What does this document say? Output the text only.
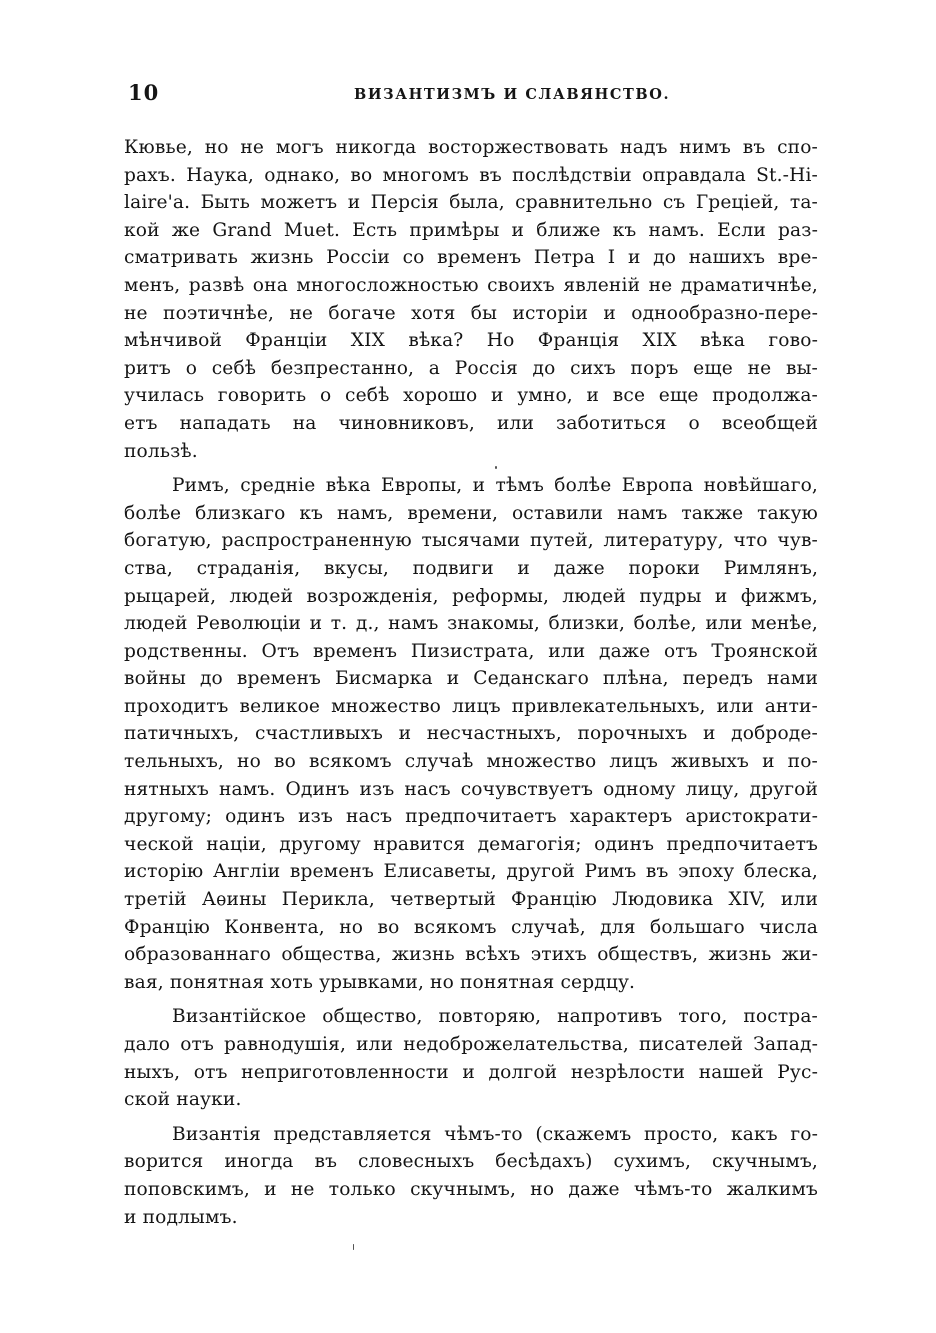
10	ВИЗАНТИЗМЪ И СЛАВЯНСТВО.
Кювье, но не могъ никогда восторжествовать надъ нимъ въ спо-
рахъ. Наука, однако, во многомъ въ послѣдствіи оправдала St.-Hi-
laire'а. Быть можетъ и Персія была, сравнительно съ Греціей, та-
кой же Grand Muet. Есть примѣры и ближе къ намъ. Если раз-
сматривать жизнь Россіи со временъ Петра I и до нашихъ вре-
менъ, развѣ она многосложностью своихъ явленій не драматичнѣе,
не поэтичнѣе, не богаче хотя бы исторіи и однообразно-пере-
мѣнчивой Франціи XIX вѣка? Но Франція XIX вѣка гово-
ритъ о себѣ безпрестанно, а Россія до сихъ поръ еще не вы-
училась говорить о себѣ хорошо и умно, и все еще продолжа-
етъ нападать на чиновниковъ, или заботиться о всеобщей
пользѣ.
Римъ, средніе вѣка Европы, и тѣмъ болѣе Европа новѣйшаго,
болѣе близкаго къ намъ, времени, оставили намъ также такую
богатую, распространенную тысячами путей, литературу, что чув-
ства, страданія, вкусы, подвиги и даже пороки Римлянъ,
рыцарей, людей возрожденія, реформы, людей пудры и фижмъ,
людей Революціи и т. д., намъ знакомы, близки, болѣе, или менѣе,
родственны. Отъ временъ Пизистрата, или даже отъ Троянской
войны до временъ Бисмарка и Седанскаго плѣна, передъ нами
проходитъ великое множество лицъ привлекательныхъ, или анти-
патичныхъ, счастливыхъ и несчастныхъ, порочныхъ и доброде-
тельныхъ, но во всякомъ случаѣ множество лицъ живыхъ и по-
нятныхъ намъ. Одинъ изъ насъ сочувствуетъ одному лицу, другой
другому; одинъ изъ насъ предпочитаетъ характеръ аристократи-
ческой націи, другому нравится демагогія; одинъ предпочитаетъ
исторію Англіи временъ Елисаветы, другой Римъ въ эпоху блеска,
третій Аѳины Перикла, четвертый Францію Людовика XIV, или
Францію Конвента, но во всякомъ случаѣ, для большаго числа
образованнаго общества, жизнь всѣхъ этихъ обществъ, жизнь жи-
вая, понятная хоть урывками, но понятная сердцу.
Византійское общество, повторяю, напротивъ того, постра-
дало отъ равнодушія, или недоброжелательства, писателей Запад-
ныхъ, отъ неприготовленности и долгой незрѣлости нашей Рус-
ской науки.
Византія представляется чѣмъ-то (скажемъ просто, какъ го-
ворится иногда въ словесныхъ бесѣдахъ) сухимъ, скучнымъ,
поповскимъ, и не только скучнымъ, но даже чѣмъ-то жалкимъ
и подлымъ.
